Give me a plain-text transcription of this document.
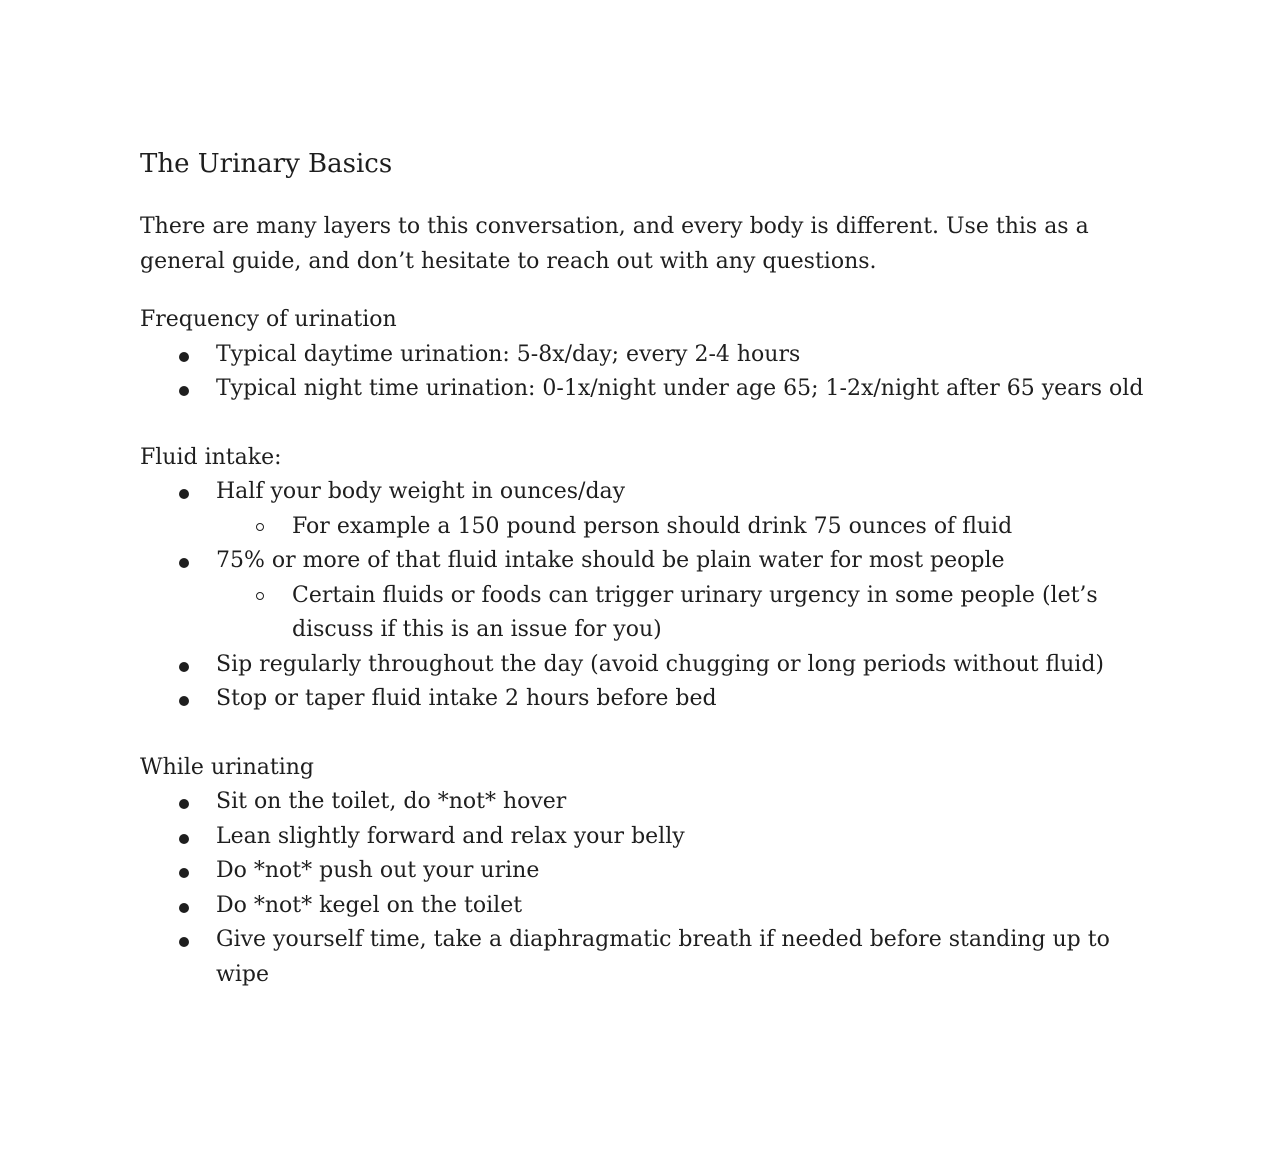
The Urinary Basics

There are many layers to this conversation, and every body is different. Use this as a general guide, and don’t hesitate to reach out with any questions.

Frequency of urination

Typical daytime urination: 5-8x/day; every 2-4 hours
Typical night time urination: 0-1x/night under age 65; 1-2x/night after 65 years old

Fluid intake:

Half your body weight in ounces/day
For example a 150 pound person should drink 75 ounces of fluid
75% or more of that fluid intake should be plain water for most people
Certain fluids or foods can trigger urinary urgency in some people (let’s discuss if this is an issue for you)
Sip regularly throughout the day (avoid chugging or long periods without fluid)
Stop or taper fluid intake 2 hours before bed

While urinating

Sit on the toilet, do *not* hover
Lean slightly forward and relax your belly
Do *not* push out your urine
Do *not* kegel on the toilet
Give yourself time, take a diaphragmatic breath if needed before standing up to wipe
